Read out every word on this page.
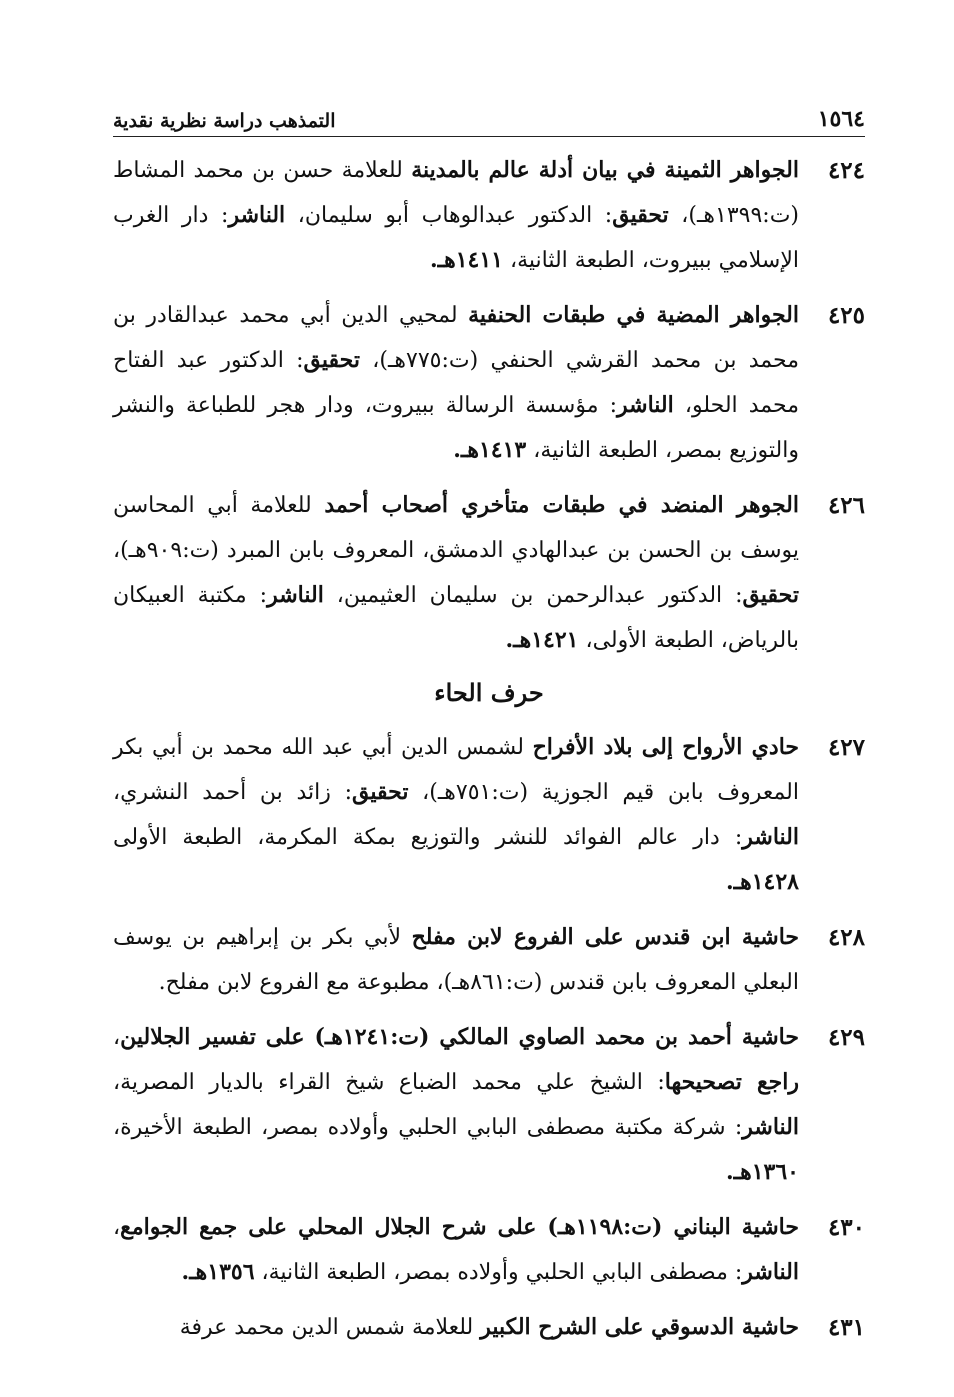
١٥٦٤
التمذهب دراسة نظرية نقدية
٤٢٤
الجواهر الثمينة في بيان أدلة عالم بالمدينة للعلامة حسن بن محمد المشاط (ت:١٣٩٩هـ)، تحقيق: الدكتور عبدالوهاب أبو سليمان، الناشر: دار الغرب الإسلامي ببيروت، الطبعة الثانية، ١٤١١هـ.
٤٢٥
الجواهر المضية في طبقات الحنفية لمحيي الدين أبي محمد عبدالقادر بن محمد بن محمد القرشي الحنفي (ت:٧٧٥هـ)، تحقيق: الدكتور عبد الفتاح محمد الحلو، الناشر: مؤسسة الرسالة ببيروت، ودار هجر للطباعة والنشر والتوزيع بمصر، الطبعة الثانية، ١٤١٣هـ.
٤٢٦
الجوهر المنضد في طبقات متأخري أصحاب أحمد للعلامة أبي المحاسن يوسف بن الحسن بن عبدالهادي الدمشق، المعروف بابن المبرد (ت:٩٠٩هـ)، تحقيق: الدكتور عبدالرحمن بن سليمان العثيمين، الناشر: مكتبة العبيكان بالرياض، الطبعة الأولى، ١٤٢١هـ.
حرف الحاء
٤٢٧
حادي الأرواح إلى بلاد الأفراح لشمس الدين أبي عبد الله محمد بن أبي بكر المعروف بابن قيم الجوزية (ت:٧٥١هـ)، تحقيق: زائد بن أحمد النشري، الناشر: دار عالم الفوائد للنشر والتوزيع بمكة المكرمة، الطبعة الأولى ١٤٢٨هـ.
٤٢٨
حاشية ابن قندس على الفروع لابن مفلح لأبي بكر بن إبراهيم بن يوسف البعلي المعروف بابن قندس (ت:٨٦١هـ)، مطبوعة مع الفروع لابن مفلح.
٤٢٩
حاشية أحمد بن محمد الصاوي المالكي (ت:١٢٤١هـ) على تفسير الجلالين، راجع تصحيحها: الشيخ علي محمد الضباع شيخ القراء بالديار المصرية، الناشر: شركة مكتبة مصطفى البابي الحلبي وأولاده بمصر، الطبعة الأخيرة، ١٣٦٠هـ.
٤٣٠
حاشية البناني (ت:١١٩٨هـ) على شرح الجلال المحلي على جمع الجوامع، الناشر: مصطفى البابي الحلبي وأولاده بمصر، الطبعة الثانية، ١٣٥٦هـ.
٤٣١
حاشية الدسوقي على الشرح الكبير للعلامة شمس الدين محمد عرفة
